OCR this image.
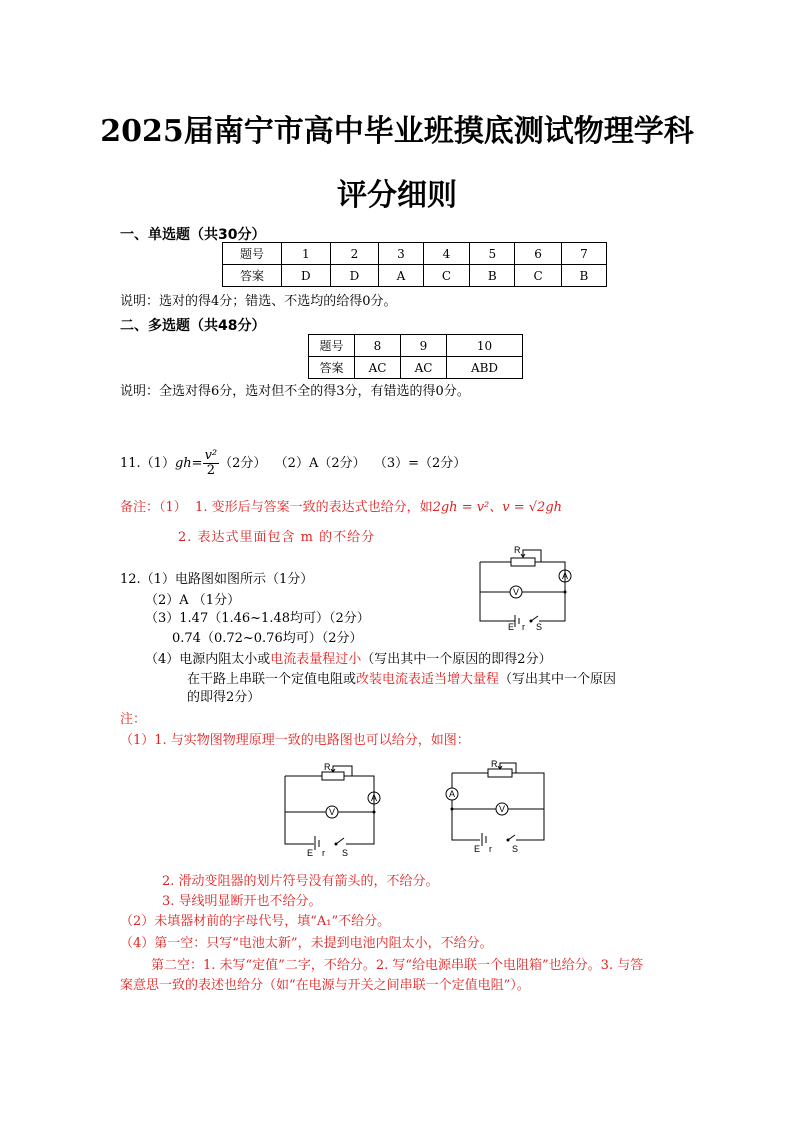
2025届南宁市高中毕业班摸底测试物理学科
评分细则
一、单选题（共30分）
题号	1	2	3	4	5	6	7
答案	D	D	A	C	B	C	B
说明：选对的得4分；错选、不选均的给得0分。
二、多选题（共48分）
题号	8	9	10
答案	AC	AC	ABD
说明：全选对得6分，选对但不全的得3分，有错选的得0分。
$11.(1)gh= \frac{\text{v²}}{2} (2$分） （2）A（2分） （3）=（2分）
备注：（1） 1. 变形后与答案一致的表达式也给分，如2gh = v²、v = √2gh
2. 表达式里面包含 m 的不给分
12.（1）电路图如图所示（1分）
（2）A （1分）
（3）1.47（1.46~1.48均可）（2分）
0.74（0.72~0.76均可）（2分）
（4）电源内阻太小或电流表量程过小（写出其中一个原因的即得2分）
在干路上串联一个定值电阻或改装电流表适当增大量程（写出其中一个原因
的即得2分）
R
A
V
E r S
注：
（1）1. 与实物图物理原理一致的电路图也可以给分，如图：
R
A
V
E r S
R
A
V
E r S
2. 滑动变阻器的划片符号没有箭头的，不给分。
3. 导线明显断开也不给分。
（2）未填器材前的字母代号，填“A₁”不给分。
（4）第一空：只写“电池太新”，未提到电池内阻太小，不给分。
第二空：1. 未写“定值”二字，不给分。2. 写“给电源串联一个电阻箱”也给分。3. 与答
案意思一致的表述也给分（如“在电源与开关之间串联一个定值电阻”）。
